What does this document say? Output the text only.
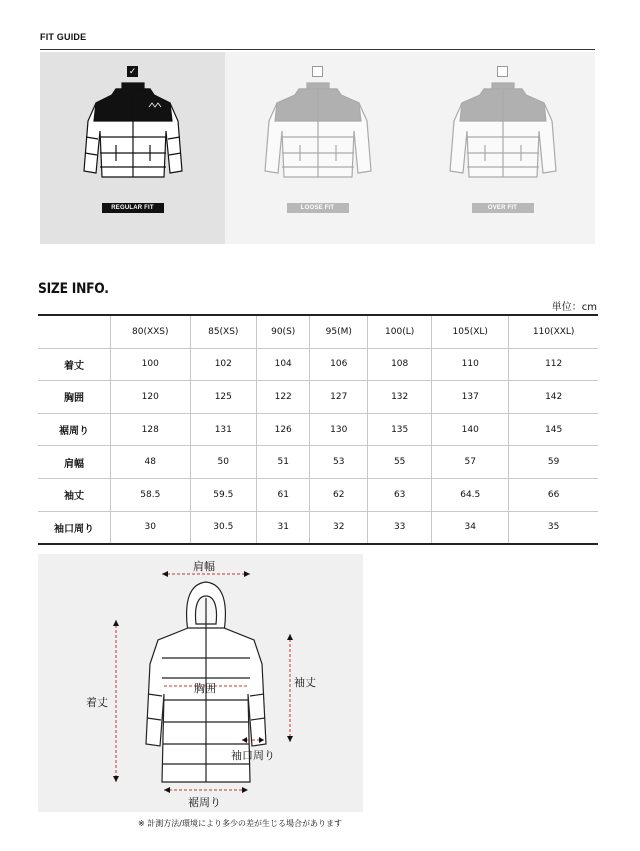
FIT GUIDE
✓
REGULAR FIT	LOOSE FIT	OVER FIT
SIZE INFO.
単位：cm
	80(XXS)	85(XS)	90(S)	95(M)	100(L)	105(XL)	110(XXL)
着丈	100	102	104	106	108	110	112
胸囲	120	125	122	127	132	137	142
裾周り	128	131	126	130	135	140	145
肩幅	48	50	51	53	55	57	59
袖丈	58.5	59.5	61	62	63	64.5	66
袖口周り	30	30.5	31	32	33	34	35
肩幅
着丈
袖丈
胸囲
袖口周り
裾周り
※ 計測方法/環境により多少の差が生じる場合があります
